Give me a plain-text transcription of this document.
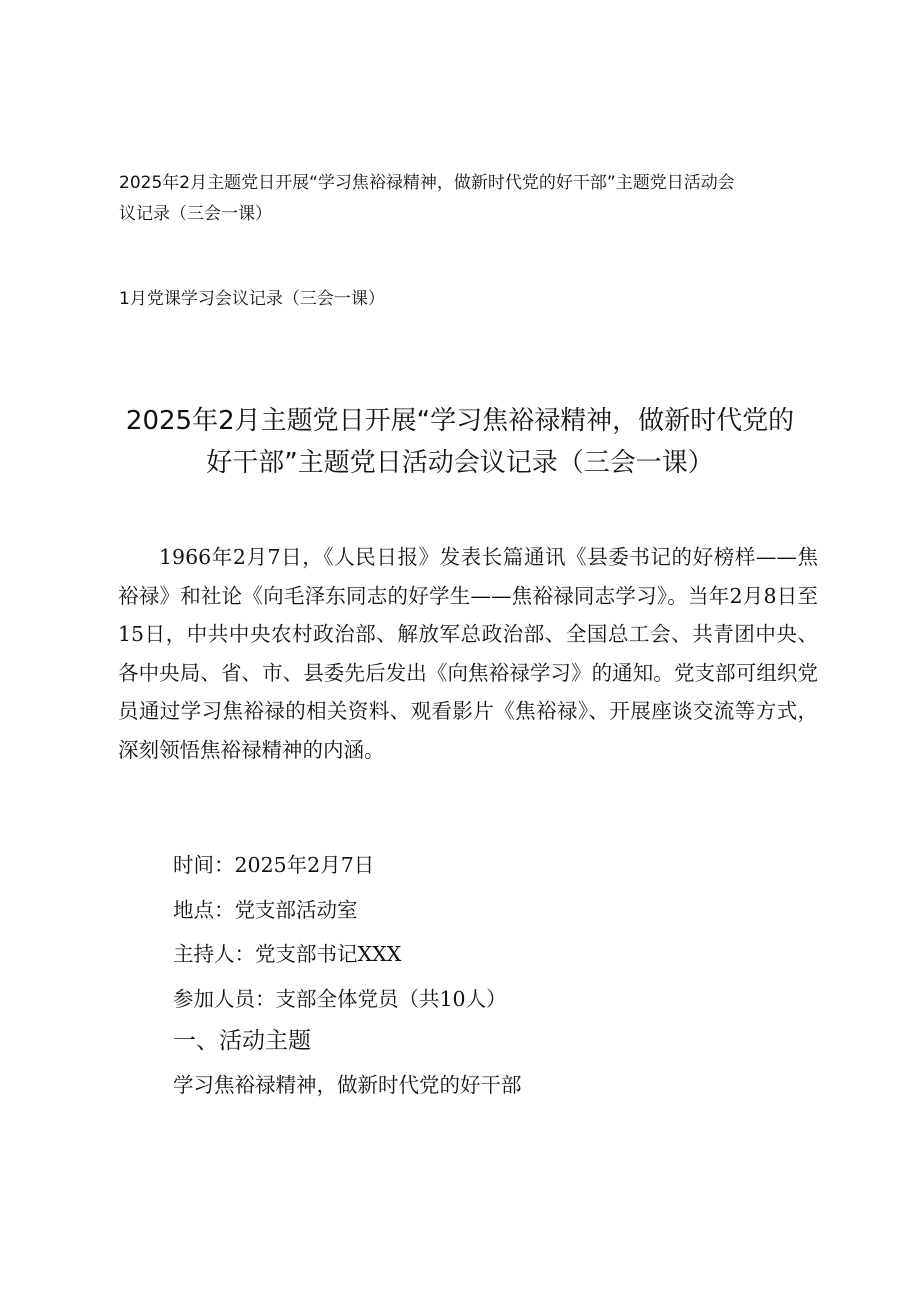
2025年2月主题党日开展“学习焦裕禄精神，做新时代党的好干部”主题党日活动会
议记录（三会一课）
1月党课学习会议记录（三会一课）
2025年2月主题党日开展“学习焦裕禄精神，做新时代党的
好干部”主题党日活动会议记录（三会一课）
1966年2月7日，《人民日报》发表长篇通讯《县委书记的好榜样——焦裕禄》和社论《向毛泽东同志的好学生——焦裕禄同志学习》。当年2月8日至15日，中共中央农村政治部、解放军总政治部、全国总工会、共青团中央、各中央局、省、市、县委先后发出《向焦裕禄学习》的通知。党支部可组织党员通过学习焦裕禄的相关资料、观看影片《焦裕禄》、开展座谈交流等方式，深刻领悟焦裕禄精神的内涵。
时间：2025年2月7日
地点：党支部活动室
主持人：党支部书记XXX
参加人员：支部全体党员（共10人）
一、活动主题
学习焦裕禄精神，做新时代党的好干部
